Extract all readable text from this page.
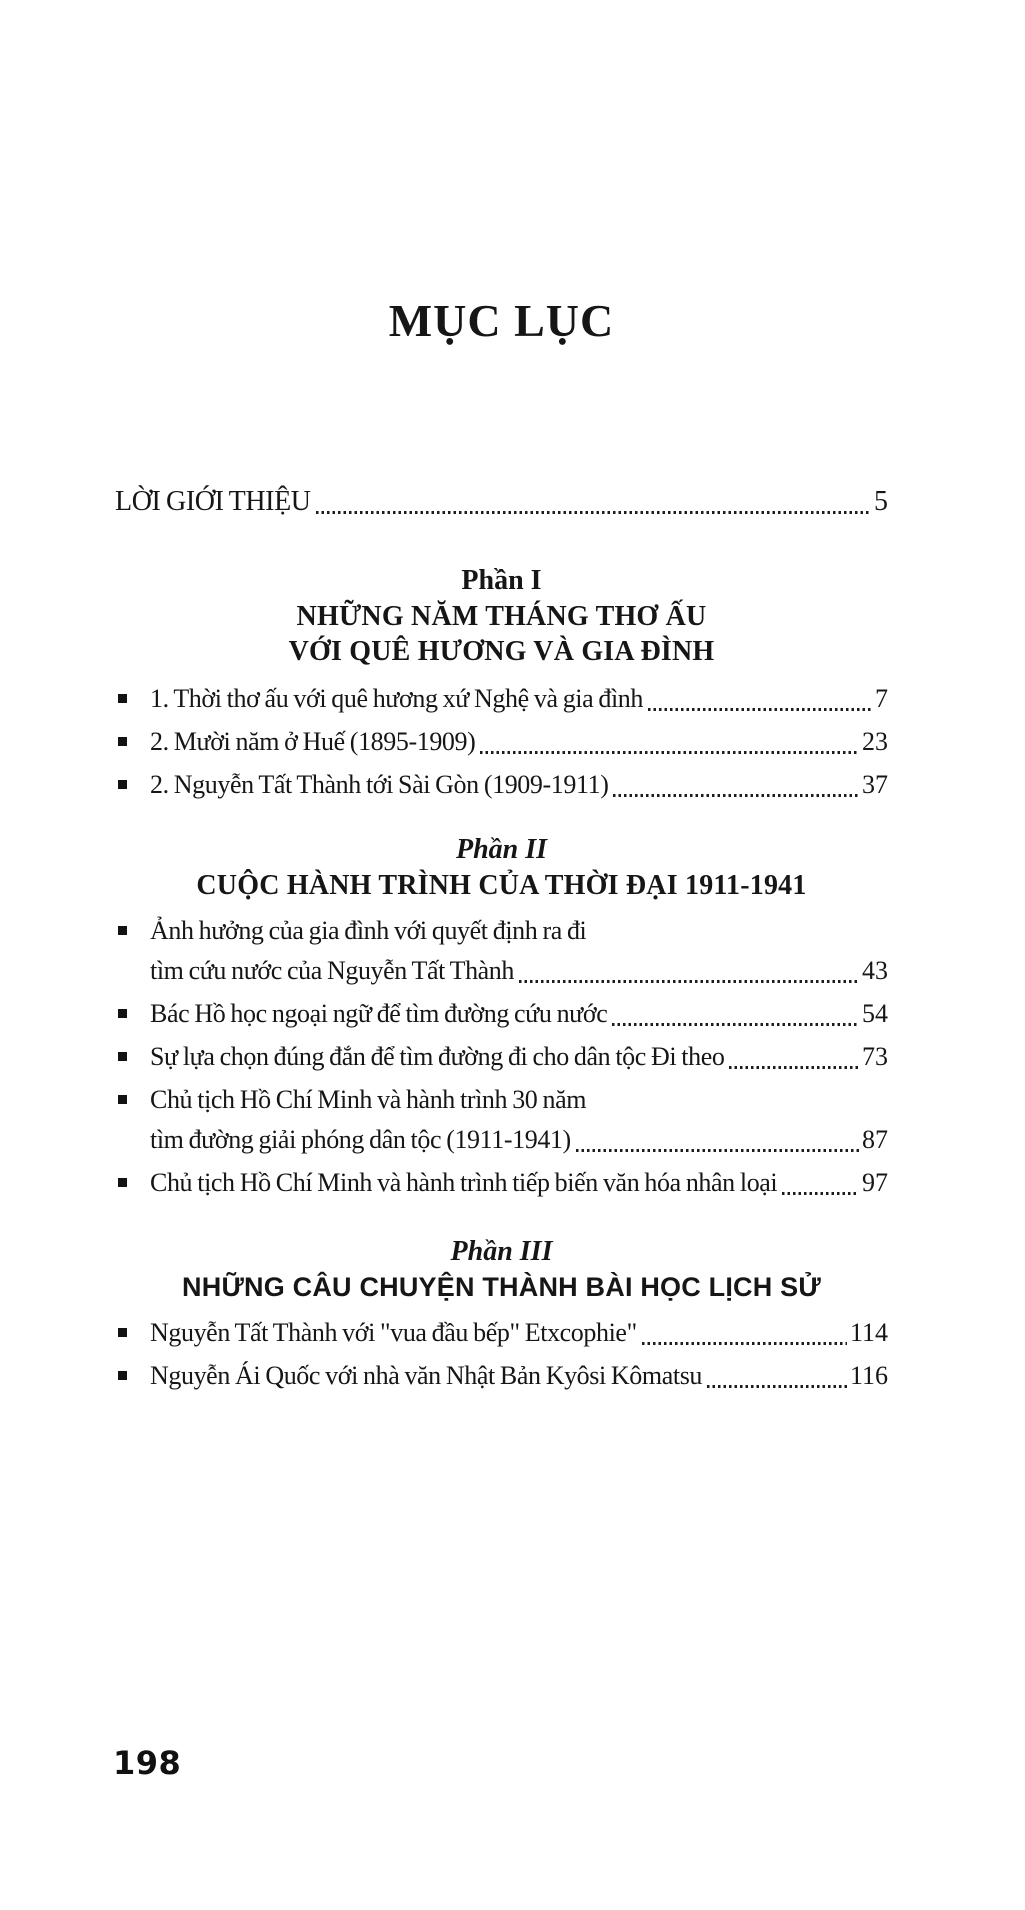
MỤC LỤC
LỜI GIỚI THIỆU	5
Phần I
NHỮNG NĂM THÁNG THƠ ẤU
VỚI QUÊ HƯƠNG VÀ GIA ĐÌNH
1. Thời thơ ấu với quê hương xứ Nghệ và gia đình	7
2. Mười năm ở Huế (1895-1909)	23
2. Nguyễn Tất Thành tới Sài Gòn (1909-1911)	37
Phần II
CUỘC HÀNH TRÌNH CỦA THỜI ĐẠI 1911-1941
Ảnh hưởng của gia đình với quyết định ra đi
tìm cứu nước của Nguyễn Tất Thành	43
Bác Hồ học ngoại ngữ để tìm đường cứu nước	54
Sự lựa chọn đúng đắn để tìm đường đi cho dân tộc Đi theo	73
Chủ tịch Hồ Chí Minh và hành trình 30 năm
tìm đường giải phóng dân tộc (1911-1941)	87
Chủ tịch Hồ Chí Minh và hành trình tiếp biến văn hóa nhân loại	97
Phần III
NHỮNG CÂU CHUYỆN THÀNH BÀI HỌC LỊCH SỬ
Nguyễn Tất Thành với "vua đầu bếp" Etxcophie"	114
Nguyễn Ái Quốc với nhà văn Nhật Bản Kyôsi Kômatsu	116
198
